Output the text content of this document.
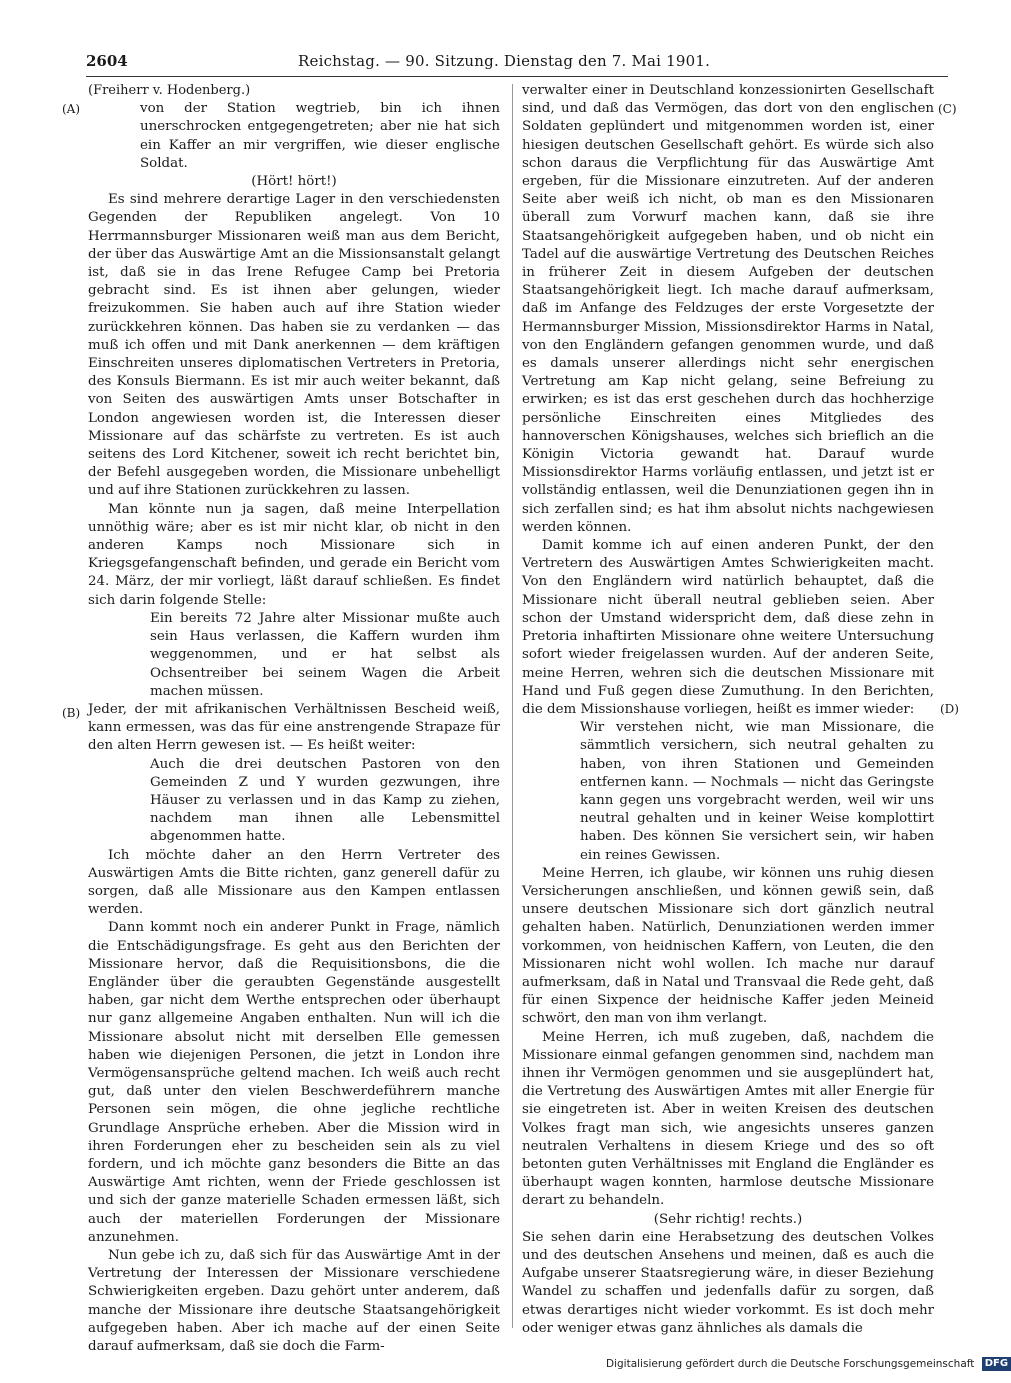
2604	Reichstag. — 90. Sitzung. Dienstag den 7. Mai 1901.
(A)
(B)
(C)
(D)

(Freiherr v. Hodenberg.)

von der Station wegtrieb, bin ich ihnen unerschrocken entgegengetreten; aber nie hat sich ein Kaffer an mir vergriffen, wie dieser englische Soldat.

(Hört! hört!)

Es sind mehrere derartige Lager in den verschiedensten Gegenden der Republiken angelegt. Von 10 Herrmannsburger Missionaren weiß man aus dem Bericht, der über das Auswärtige Amt an die Missionsanstalt gelangt ist, daß sie in das Irene Refugee Camp bei Pretoria gebracht sind. Es ist ihnen aber gelungen, wieder freizukommen. Sie haben auch auf ihre Station wieder zurückkehren können. Das haben sie zu verdanken — das muß ich offen und mit Dank anerkennen — dem kräftigen Einschreiten unseres diplomatischen Vertreters in Pretoria, des Konsuls Biermann. Es ist mir auch weiter bekannt, daß von Seiten des auswärtigen Amts unser Botschafter in London angewiesen worden ist, die Interessen dieser Missionare auf das schärfste zu vertreten. Es ist auch seitens des Lord Kitchener, soweit ich recht berichtet bin, der Befehl ausgegeben worden, die Missionare unbehelligt und auf ihre Stationen zurückkehren zu lassen.

Man könnte nun ja sagen, daß meine Interpellation unnöthig wäre; aber es ist mir nicht klar, ob nicht in den anderen Kamps noch Missionare sich in Kriegsgefangenschaft befinden, und gerade ein Bericht vom 24. März, der mir vorliegt, läßt darauf schließen. Es findet sich darin folgende Stelle:

Ein bereits 72 Jahre alter Missionar mußte auch sein Haus verlassen, die Kaffern wurden ihm weggenommen, und er hat selbst als Ochsentreiber bei seinem Wagen die Arbeit machen müssen.

Jeder, der mit afrikanischen Verhältnissen Bescheid weiß, kann ermessen, was das für eine anstrengende Strapaze für den alten Herrn gewesen ist. — Es heißt weiter:

Auch die drei deutschen Pastoren von den Gemeinden Z und Y wurden gezwungen, ihre Häuser zu verlassen und in das Kamp zu ziehen, nachdem man ihnen alle Lebensmittel abgenommen hatte.

Ich möchte daher an den Herrn Vertreter des Auswärtigen Amts die Bitte richten, ganz generell dafür zu sorgen, daß alle Missionare aus den Kampen entlassen werden.

Dann kommt noch ein anderer Punkt in Frage, nämlich die Entschädigungsfrage. Es geht aus den Berichten der Missionare hervor, daß die Requisitionsbons, die die Engländer über die geraubten Gegenstände ausgestellt haben, gar nicht dem Werthe entsprechen oder überhaupt nur ganz allgemeine Angaben enthalten. Nun will ich die Missionare absolut nicht mit derselben Elle gemessen haben wie diejenigen Personen, die jetzt in London ihre Vermögensansprüche geltend machen. Ich weiß auch recht gut, daß unter den vielen Beschwerdeführern manche Personen sein mögen, die ohne jegliche rechtliche Grundlage Ansprüche erheben. Aber die Mission wird in ihren Forderungen eher zu bescheiden sein als zu viel fordern, und ich möchte ganz besonders die Bitte an das Auswärtige Amt richten, wenn der Friede geschlossen ist und sich der ganze materielle Schaden ermessen läßt, sich auch der materiellen Forderungen der Missionare anzunehmen.

Nun gebe ich zu, daß sich für das Auswärtige Amt in der Vertretung der Interessen der Missionare verschiedene Schwierigkeiten ergeben. Dazu gehört unter anderem, daß manche der Missionare ihre deutsche Staatsangehörigkeit aufgegeben haben. Aber ich mache auf der einen Seite darauf aufmerksam, daß sie doch die Farm-

verwalter einer in Deutschland konzessionirten Gesellschaft sind, und daß das Vermögen, das dort von den englischen Soldaten geplündert und mitgenommen worden ist, einer hiesigen deutschen Gesellschaft gehört. Es würde sich also schon daraus die Verpflichtung für das Auswärtige Amt ergeben, für die Missionare einzutreten. Auf der anderen Seite aber weiß ich nicht, ob man es den Missionaren überall zum Vorwurf machen kann, daß sie ihre Staatsangehörigkeit aufgegeben haben, und ob nicht ein Tadel auf die auswärtige Vertretung des Deutschen Reiches in früherer Zeit in diesem Aufgeben der deutschen Staatsangehörigkeit liegt. Ich mache darauf aufmerksam, daß im Anfange des Feldzuges der erste Vorgesetzte der Hermannsburger Mission, Missionsdirektor Harms in Natal, von den Engländern gefangen genommen wurde, und daß es damals unserer allerdings nicht sehr energischen Vertretung am Kap nicht gelang, seine Befreiung zu erwirken; es ist das erst geschehen durch das hochherzige persönliche Einschreiten eines Mitgliedes des hannoverschen Königshauses, welches sich brieflich an die Königin Victoria gewandt hat. Darauf wurde Missionsdirektor Harms vorläufig entlassen, und jetzt ist er vollständig entlassen, weil die Denunziationen gegen ihn in sich zerfallen sind; es hat ihm absolut nichts nachgewiesen werden können.

Damit komme ich auf einen anderen Punkt, der den Vertretern des Auswärtigen Amtes Schwierigkeiten macht. Von den Engländern wird natürlich behauptet, daß die Missionare nicht überall neutral geblieben seien. Aber schon der Umstand widerspricht dem, daß diese zehn in Pretoria inhaftirten Missionare ohne weitere Untersuchung sofort wieder freigelassen wurden. Auf der anderen Seite, meine Herren, wehren sich die deutschen Missionare mit Hand und Fuß gegen diese Zumuthung. In den Berichten, die dem Missionshause vorliegen, heißt es immer wieder:

Wir verstehen nicht, wie man Missionare, die sämmtlich versichern, sich neutral gehalten zu haben, von ihren Stationen und Gemeinden entfernen kann. — Nochmals — nicht das Geringste kann gegen uns vorgebracht werden, weil wir uns neutral gehalten und in keiner Weise komplottirt haben. Des können Sie versichert sein, wir haben ein reines Gewissen.

Meine Herren, ich glaube, wir können uns ruhig diesen Versicherungen anschließen, und können gewiß sein, daß unsere deutschen Missionare sich dort gänzlich neutral gehalten haben. Natürlich, Denunziationen werden immer vorkommen, von heidnischen Kaffern, von Leuten, die den Missionaren nicht wohl wollen. Ich mache nur darauf aufmerksam, daß in Natal und Transvaal die Rede geht, daß für einen Sixpence der heidnische Kaffer jeden Meineid schwört, den man von ihm verlangt.

Meine Herren, ich muß zugeben, daß, nachdem die Missionare einmal gefangen genommen sind, nachdem man ihnen ihr Vermögen genommen und sie ausgeplündert hat, die Vertretung des Auswärtigen Amtes mit aller Energie für sie eingetreten ist. Aber in weiten Kreisen des deutschen Volkes fragt man sich, wie angesichts unseres ganzen neutralen Verhaltens in diesem Kriege und des so oft betonten guten Verhältnisses mit England die Engländer es überhaupt wagen konnten, harmlose deutsche Missionare derart zu behandeln.

(Sehr richtig! rechts.)

Sie sehen darin eine Herabsetzung des deutschen Volkes und des deutschen Ansehens und meinen, daß es auch die Aufgabe unserer Staatsregierung wäre, in dieser Beziehung Wandel zu schaffen und jedenfalls dafür zu sorgen, daß etwas derartiges nicht wieder vorkommt. Es ist doch mehr oder weniger etwas ganz ähnliches als damals die

Digitalisierung gefördert durch die Deutsche Forschungsgemeinschaft DFG
